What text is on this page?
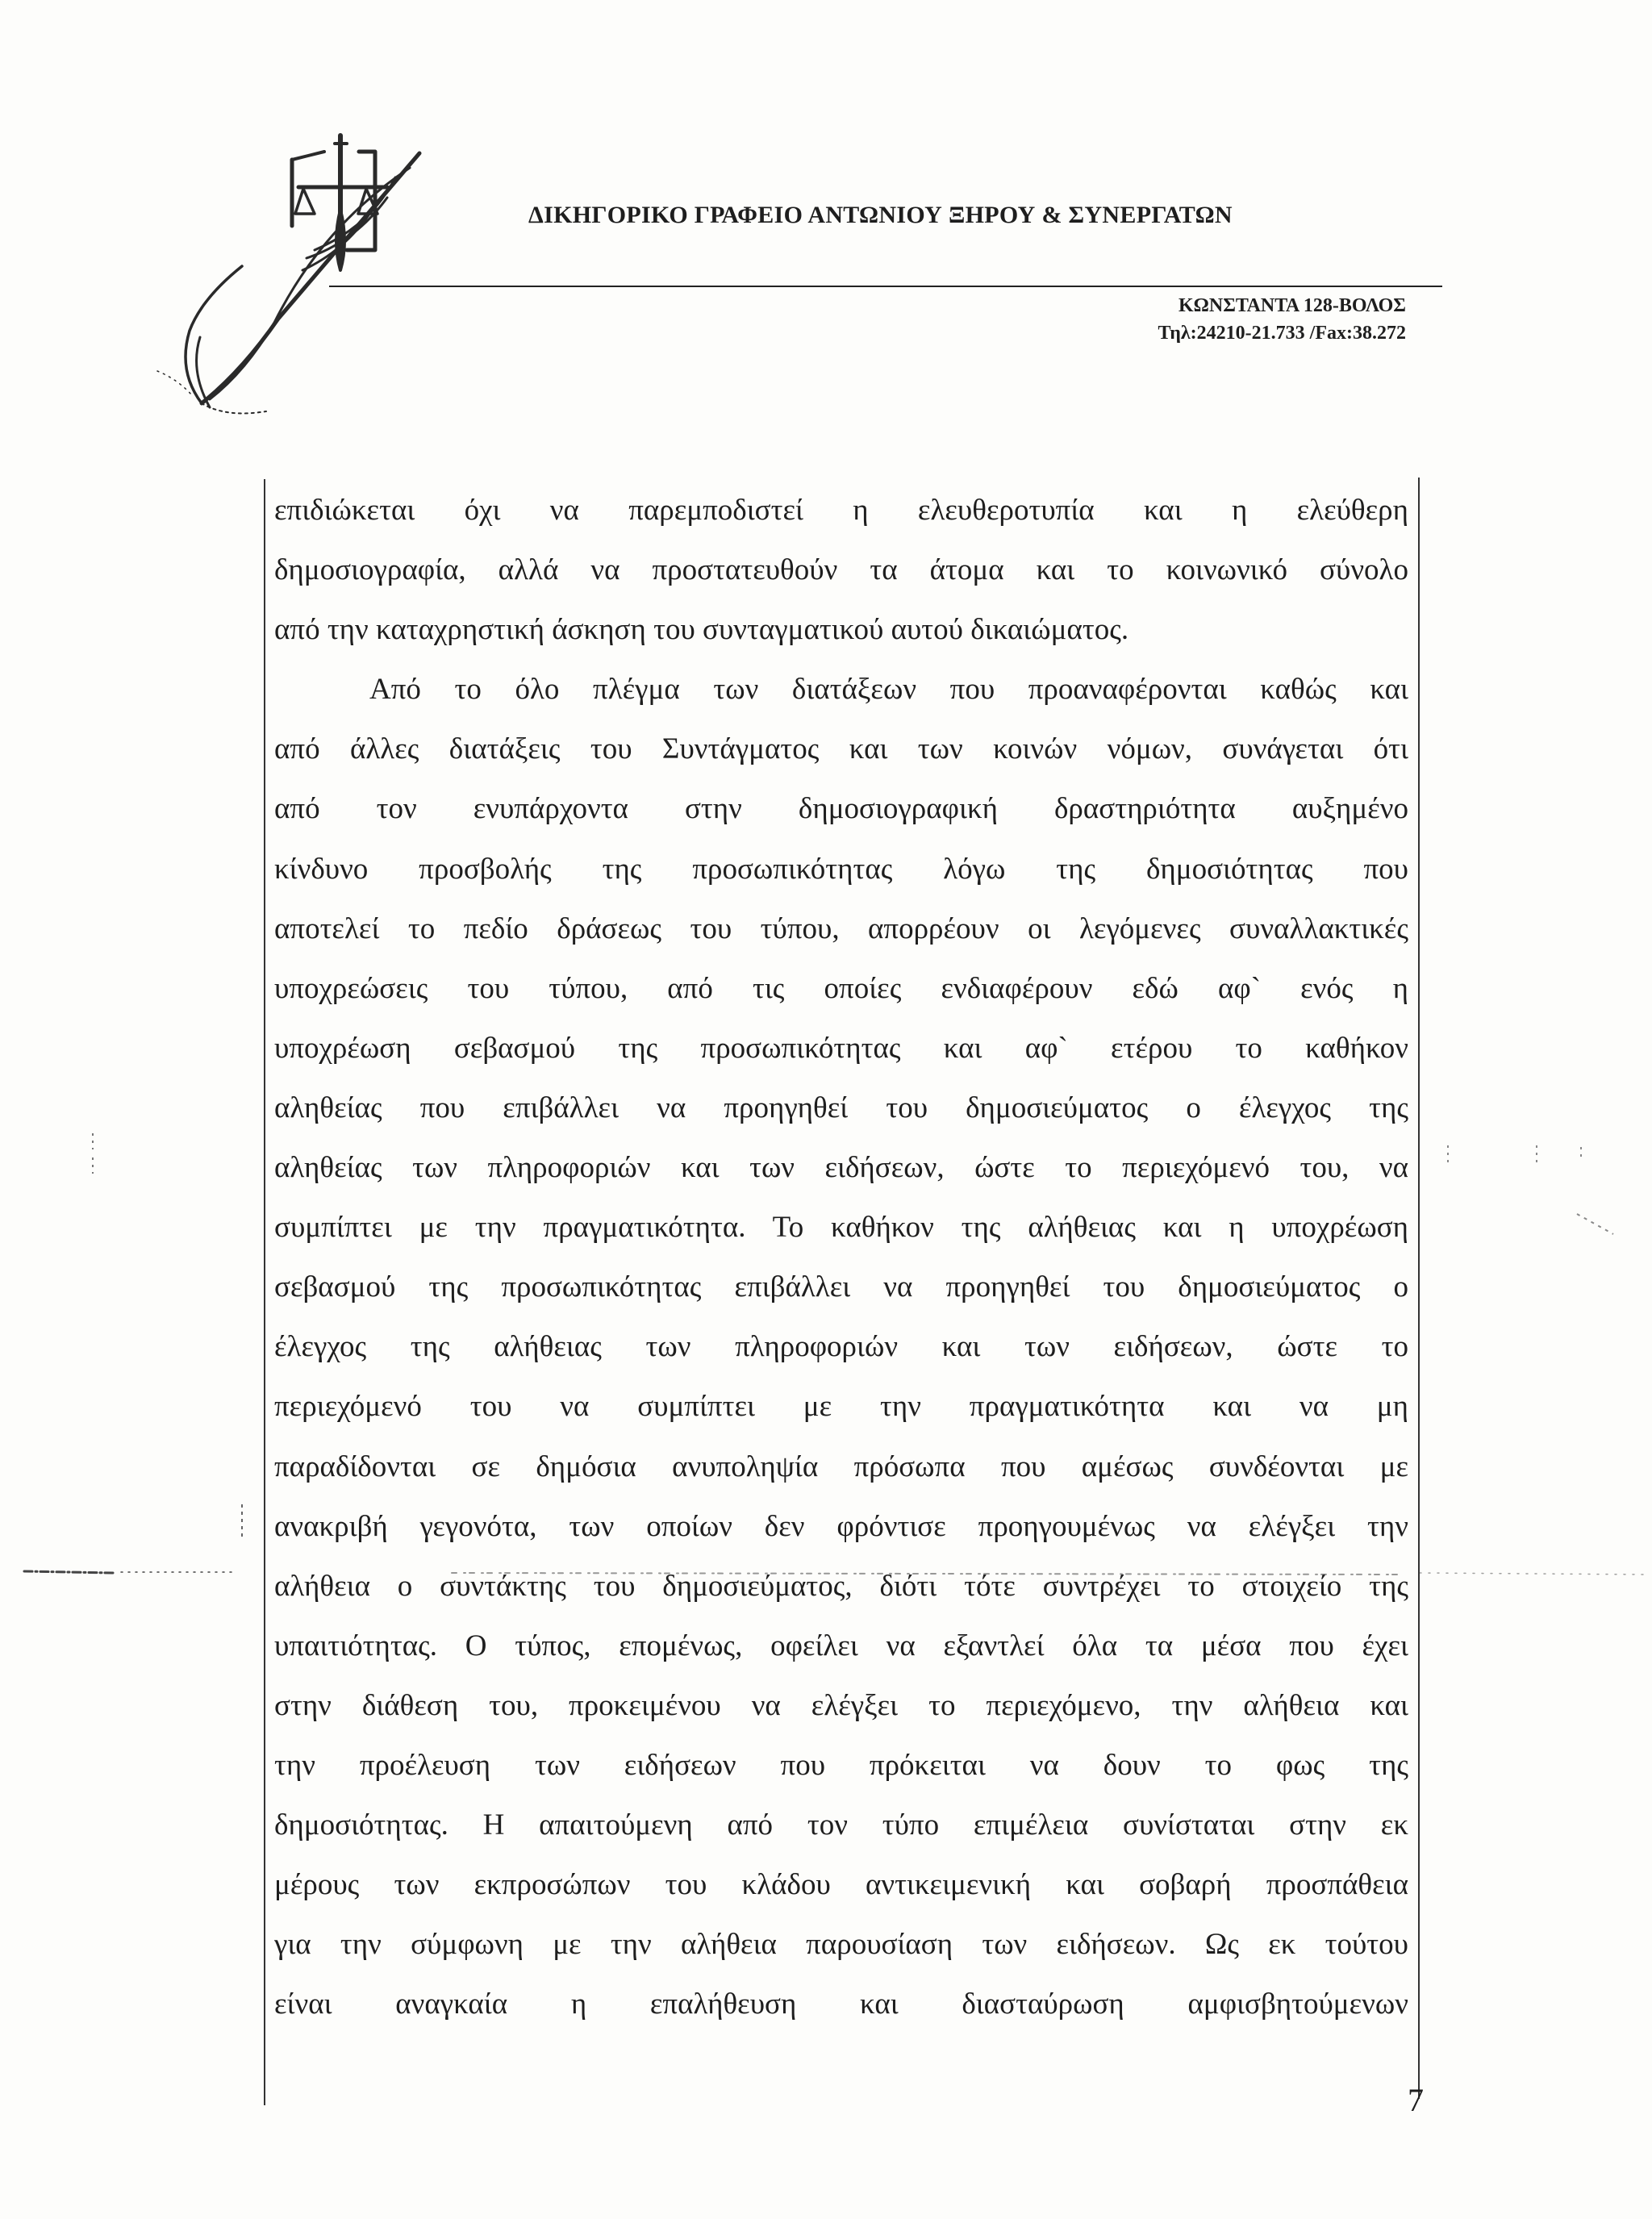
ΔΙΚΗΓΟΡΙΚΟ ΓΡΑΦΕΙΟ ΑΝΤΩΝΙΟΥ ΞΗΡΟΥ & ΣΥΝΕΡΓΑΤΩΝ
ΚΩΝΣΤΑΝΤΑ 128-ΒΟΛΟΣ
Τηλ:24210-21.733 /Fax:38.272
επιδιώκεται όχι να παρεμποδιστεί η ελευθεροτυπία και η ελεύθερη
δημοσιογραφία, αλλά να προστατευθούν τα άτομα και το κοινωνικό σύνολο
από την καταχρηστική άσκηση του συνταγματικού αυτού δικαιώματος.
Από το όλο πλέγμα των διατάξεων που προαναφέρονται καθώς και
από άλλες διατάξεις του Συντάγματος και των κοινών νόμων, συνάγεται ότι
από τον ενυπάρχοντα στην δημοσιογραφική δραστηριότητα αυξημένο
κίνδυνο προσβολής της προσωπικότητας λόγω της δημοσιότητας που
αποτελεί το πεδίο δράσεως του τύπου, απορρέουν οι λεγόμενες συναλλακτικές
υποχρεώσεις του τύπου, από τις οποίες ενδιαφέρουν εδώ αφ` ενός η
υποχρέωση σεβασμού της προσωπικότητας και αφ` ετέρου το καθήκον
αληθείας που επιβάλλει να προηγηθεί του δημοσιεύματος ο έλεγχος της
αληθείας των πληροφοριών και των ειδήσεων, ώστε το περιεχόμενό του, να
συμπίπτει με την πραγματικότητα. Το καθήκον της αλήθειας και η υποχρέωση
σεβασμού της προσωπικότητας επιβάλλει να προηγηθεί του δημοσιεύματος ο
έλεγχος της αλήθειας των πληροφοριών και των ειδήσεων, ώστε το
περιεχόμενό του να συμπίπτει με την πραγματικότητα και να μη
παραδίδονται σε δημόσια ανυποληψία πρόσωπα που αμέσως συνδέονται με
ανακριβή γεγονότα, των οποίων δεν φρόντισε προηγουμένως να ελέγξει την
αλήθεια ο συντάκτης του δημοσιεύματος, διότι τότε συντρέχει το στοιχείο της
υπαιτιότητας. Ο τύπος, επομένως, οφείλει να εξαντλεί όλα τα μέσα που έχει
στην διάθεση του, προκειμένου να ελέγξει το περιεχόμενο, την αλήθεια και
την προέλευση των ειδήσεων που πρόκειται να δουν το φως της
δημοσιότητας. Η απαιτούμενη από τον τύπο επιμέλεια συνίσταται στην εκ
μέρους των εκπροσώπων του κλάδου αντικειμενική και σοβαρή προσπάθεια
για την σύμφωνη με την αλήθεια παρουσίαση των ειδήσεων. Ως εκ τούτου
είναι αναγκαία η επαλήθευση και διασταύρωση αμφισβητούμενων
7
